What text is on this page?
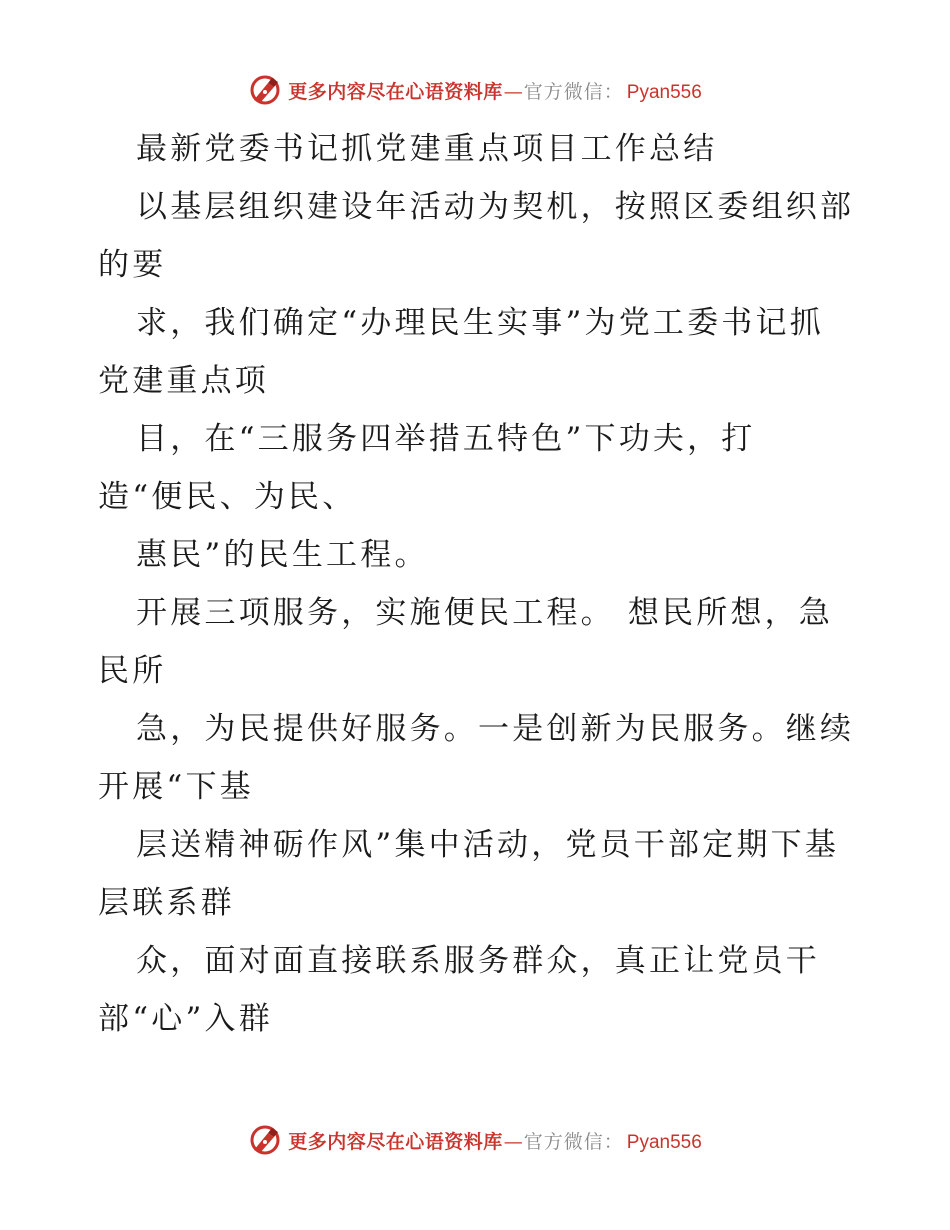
更多内容尽在心语资料库 — 官方微信 ： Pyan556
最新党委书记抓党建重点项目工作总结
以基层组织建设年活动为契机，按照区委组织部
的要
求，我们确定“办理民生实事”为党工委书记抓
党建重点项
目，在“三服务四举措五特色”下功夫，打
造“便民、为民、
惠民”的民生工程。
开展三项服务，实施便民工程。 想民所想，急
民所
急，为民提供好服务。一是创新为民服务。继续
开展“下基
层送精神砺作风”集中活动，党员干部定期下基
层联系群
众，面对面直接联系服务群众，真正让党员干
部“心”入群
更多内容尽在心语资料库 — 官方微信 ： Pyan556
